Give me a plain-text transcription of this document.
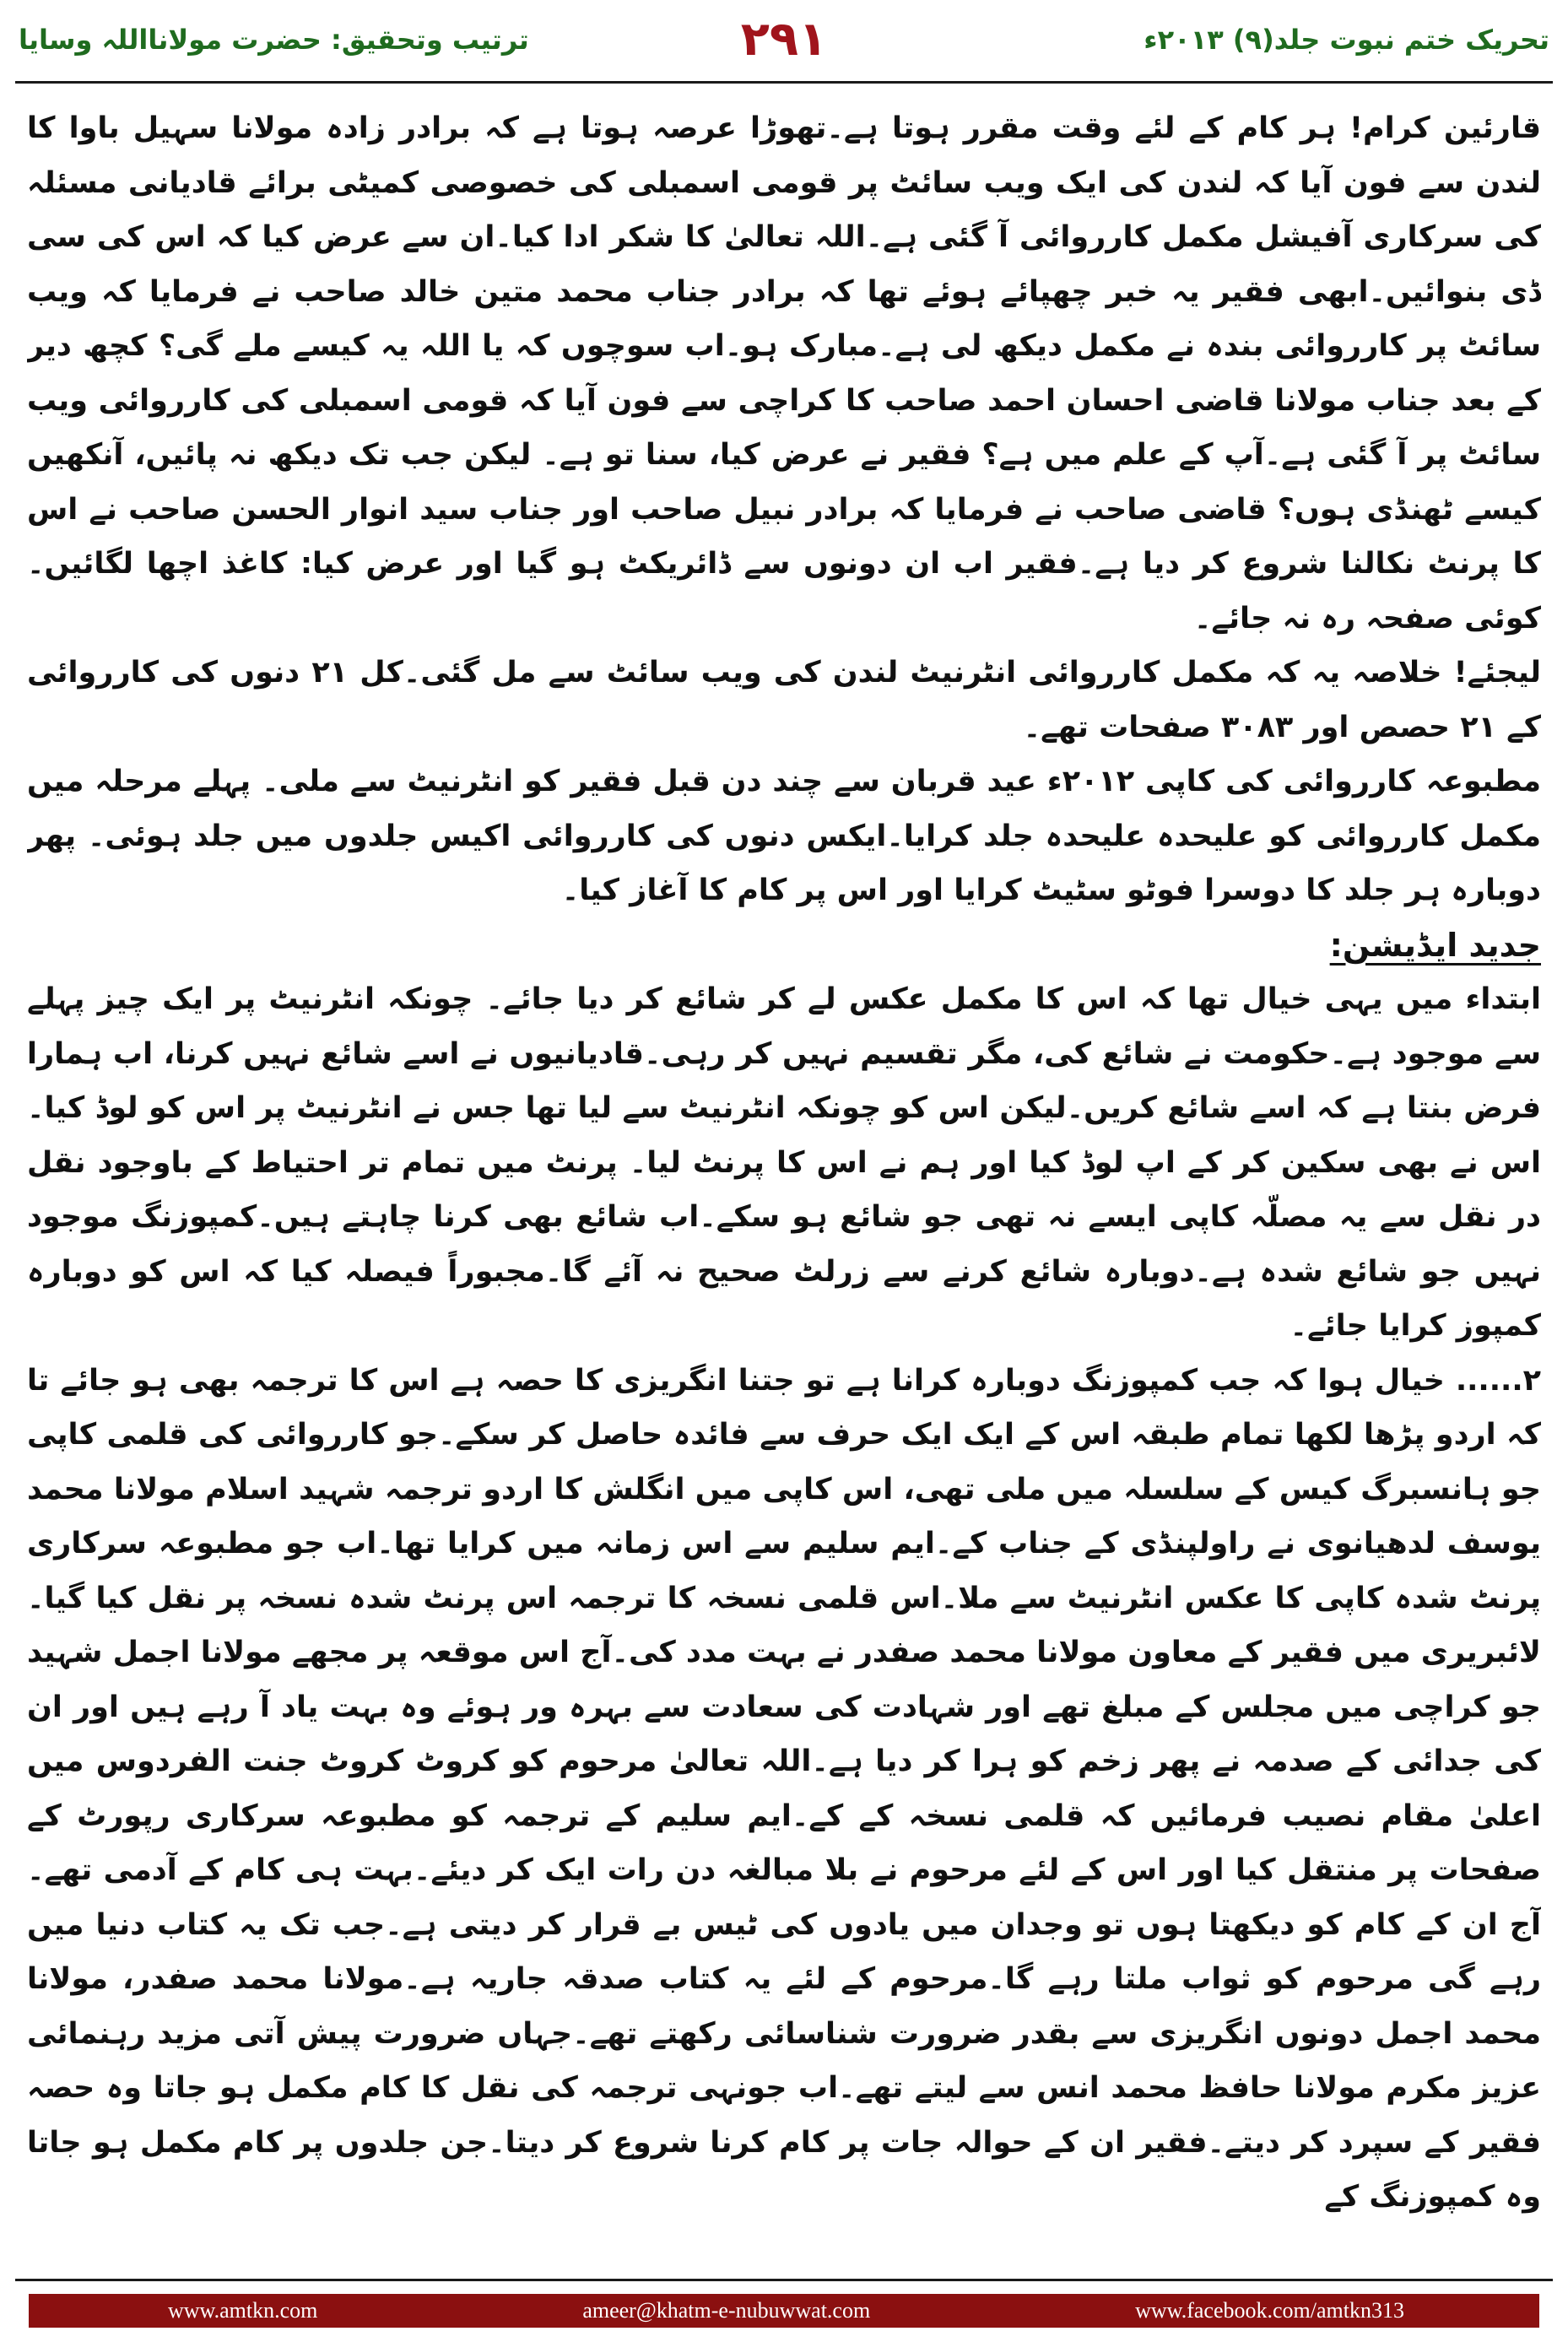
تحریک ختم نبوت جلد(۹) ۲۰۱۳ء
۲۹۱
ترتیب وتحقیق: حضرت مولانااللہ وسایا

قارئین کرام! ہر کام کے لئے وقت مقرر ہوتا ہے۔تھوڑا عرصہ ہوتا ہے کہ برادر زادہ مولانا سہیل باوا کا لندن سے فون آیا کہ لندن کی ایک ویب سائٹ پر قومی اسمبلی کی خصوصی کمیٹی برائے قادیانی مسئلہ کی سرکاری آفیشل مکمل کارروائی آ گئی ہے۔اللہ تعالیٰ کا شکر ادا کیا۔ان سے عرض کیا کہ اس کی سی ڈی بنوائیں۔ابھی فقیر یہ خبر چھپائے ہوئے تھا کہ برادر جناب محمد متین خالد صاحب نے فرمایا کہ ویب سائٹ پر کارروائی بندہ نے مکمل دیکھ لی ہے۔مبارک ہو۔اب سوچوں کہ یا اللہ یہ کیسے ملے گی؟ کچھ دیر کے بعد جناب مولانا قاضی احسان احمد صاحب کا کراچی سے فون آیا کہ قومی اسمبلی کی کارروائی ویب سائٹ پر آ گئی ہے۔آپ کے علم میں ہے؟ فقیر نے عرض کیا، سنا تو ہے۔ لیکن جب تک دیکھ نہ پائیں، آنکھیں کیسے ٹھنڈی ہوں؟ قاضی صاحب نے فرمایا کہ برادر نبیل صاحب اور جناب سید انوار الحسن صاحب نے اس کا پرنٹ نکالنا شروع کر دیا ہے۔فقیر اب ان دونوں سے ڈائریکٹ ہو گیا اور عرض کیا: کاغذ اچھا لگائیں۔کوئی صفحہ رہ نہ جائے۔

لیجئے! خلاصہ یہ کہ مکمل کارروائی انٹرنیٹ لندن کی ویب سائٹ سے مل گئی۔کل ۲۱ دنوں کی کارروائی کے ۲۱ حصص اور ۳۰۸۳ صفحات تھے۔

مطبوعہ کارروائی کی کاپی ۲۰۱۲ء عید قربان سے چند دن قبل فقیر کو انٹرنیٹ سے ملی۔ پہلے مرحلہ میں مکمل کارروائی کو علیحدہ علیحدہ جلد کرایا۔ایکس دنوں کی کارروائی اکیس جلدوں میں جلد ہوئی۔ پھر دوبارہ ہر جلد کا دوسرا فوٹو سٹیٹ کرایا اور اس پر کام کا آغاز کیا۔

جدید ایڈیشن:

ابتداء میں یہی خیال تھا کہ اس کا مکمل عکس لے کر شائع کر دیا جائے۔ چونکہ انٹرنیٹ پر ایک چیز پہلے سے موجود ہے۔حکومت نے شائع کی، مگر تقسیم نہیں کر رہی۔قادیانیوں نے اسے شائع نہیں کرنا، اب ہمارا فرض بنتا ہے کہ اسے شائع کریں۔لیکن اس کو چونکہ انٹرنیٹ سے لیا تھا جس نے انٹرنیٹ پر اس کو لوڈ کیا۔اس نے بھی سکین کر کے اپ لوڈ کیا اور ہم نے اس کا پرنٹ لیا۔ پرنٹ میں تمام تر احتیاط کے باوجود نقل در نقل سے یہ مصلّہ کاپی ایسے نہ تھی جو شائع ہو سکے۔اب شائع بھی کرنا چاہتے ہیں۔کمپوزنگ موجود نہیں جو شائع شدہ ہے۔دوبارہ شائع کرنے سے زرلٹ صحیح نہ آئے گا۔مجبوراً فیصلہ کیا کہ اس کو دوبارہ کمپوز کرایا جائے۔

۲...... خیال ہوا کہ جب کمپوزنگ دوبارہ کرانا ہے تو جتنا انگریزی کا حصہ ہے اس کا ترجمہ بھی ہو جائے تا کہ اردو پڑھا لکھا تمام طبقہ اس کے ایک ایک حرف سے فائدہ حاصل کر سکے۔جو کارروائی کی قلمی کاپی جو ہانسبرگ کیس کے سلسلہ میں ملی تھی، اس کاپی میں انگلش کا اردو ترجمہ شہید اسلام مولانا محمد یوسف لدھیانوی نے راولپنڈی کے جناب کے۔ایم سلیم سے اس زمانہ میں کرایا تھا۔اب جو مطبوعہ سرکاری پرنٹ شدہ کاپی کا عکس انٹرنیٹ سے ملا۔اس قلمی نسخہ کا ترجمہ اس پرنٹ شدہ نسخہ پر نقل کیا گیا۔لائبریری میں فقیر کے معاون مولانا محمد صفدر نے بہت مدد کی۔آج اس موقعہ پر مجھے مولانا اجمل شہید جو کراچی میں مجلس کے مبلغ تھے اور شہادت کی سعادت سے بہرہ ور ہوئے وہ بہت یاد آ رہے ہیں اور ان کی جدائی کے صدمہ نے پھر زخم کو ہرا کر دیا ہے۔اللہ تعالیٰ مرحوم کو کروٹ کروٹ جنت الفردوس میں اعلیٰ مقام نصیب فرمائیں کہ قلمی نسخہ کے کے۔ایم سلیم کے ترجمہ کو مطبوعہ سرکاری رپورٹ کے صفحات پر منتقل کیا اور اس کے لئے مرحوم نے بلا مبالغہ دن رات ایک کر دیئے۔بہت ہی کام کے آدمی تھے۔آج ان کے کام کو دیکھتا ہوں تو وجدان میں یادوں کی ٹیس بے قرار کر دیتی ہے۔جب تک یہ کتاب دنیا میں رہے گی مرحوم کو ثواب ملتا رہے گا۔مرحوم کے لئے یہ کتاب صدقہ جاریہ ہے۔مولانا محمد صفدر، مولانا محمد اجمل دونوں انگریزی سے بقدر ضرورت شناسائی رکھتے تھے۔جہاں ضرورت پیش آتی مزید رہنمائی عزیز مکرم مولانا حافظ محمد انس سے لیتے تھے۔اب جونہی ترجمہ کی نقل کا کام مکمل ہو جاتا وہ حصہ فقیر کے سپرد کر دیتے۔فقیر ان کے حوالہ جات پر کام کرنا شروع کر دیتا۔جن جلدوں پر کام مکمل ہو جاتا وہ کمپوزنگ کے

www.amtkn.com	ameer@khatm-e-nubuwwat.com	www.facebook.com/amtkn313
